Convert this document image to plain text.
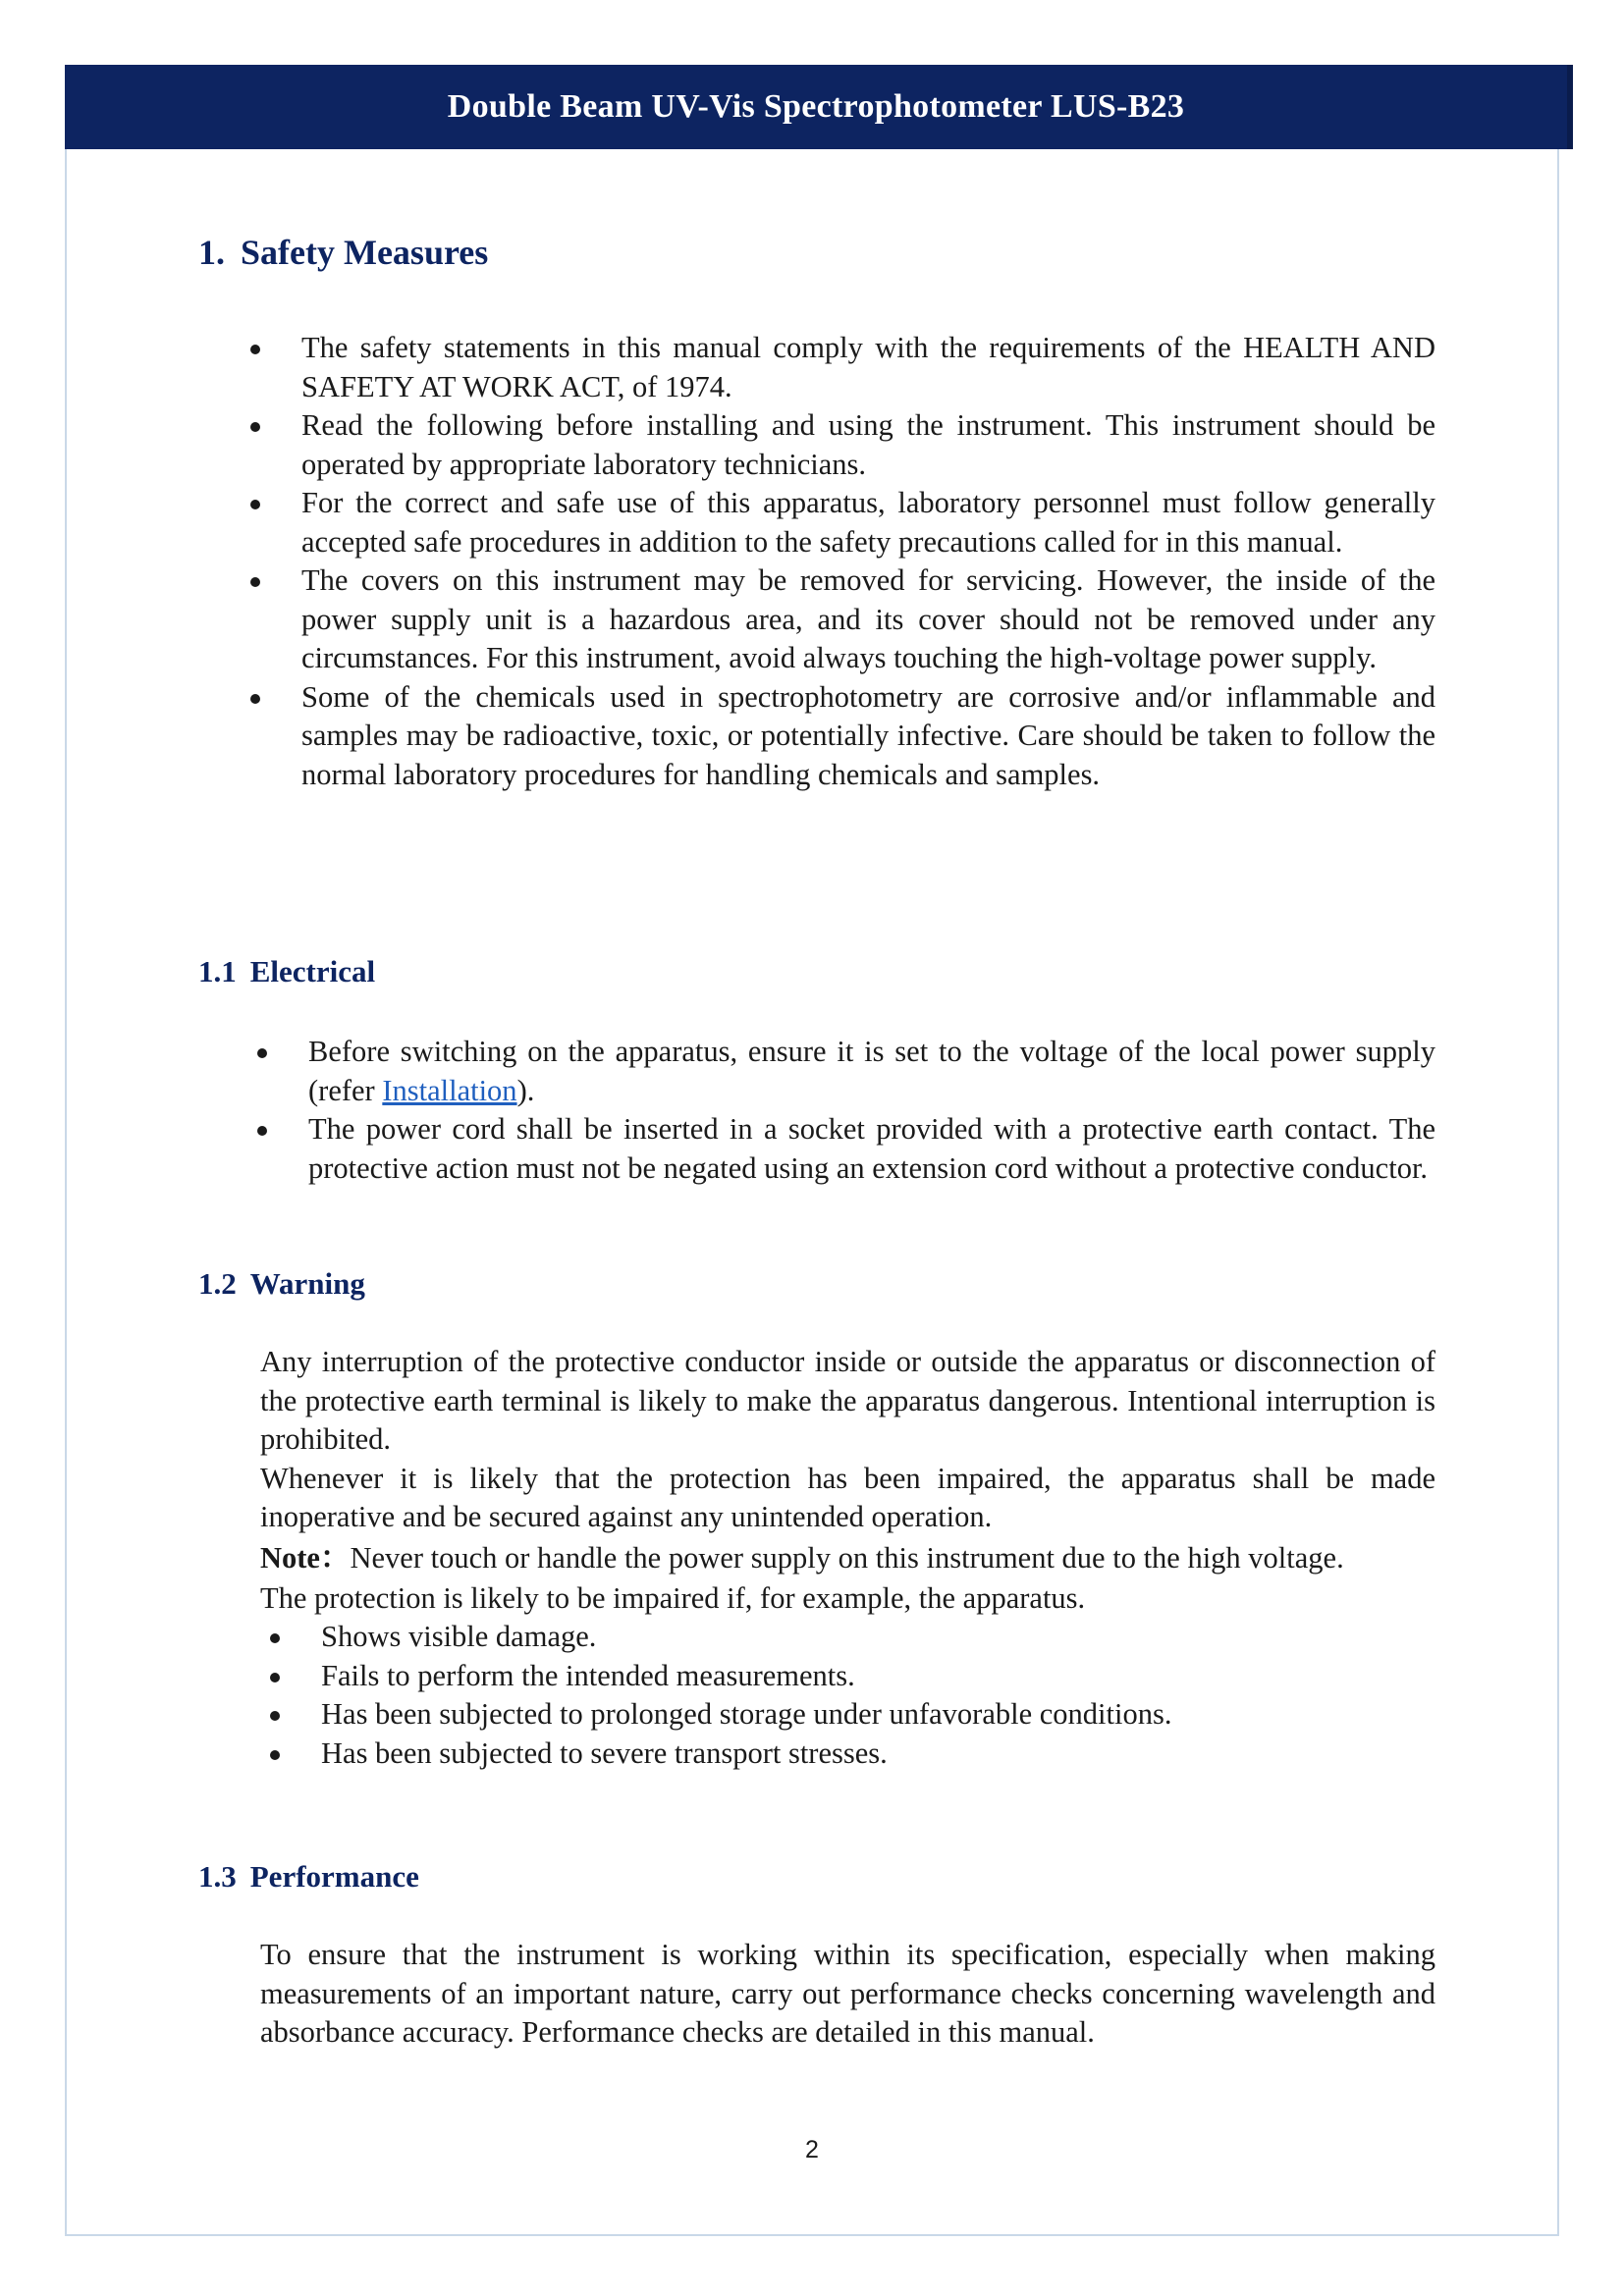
Double Beam UV-Vis Spectrophotometer LUS-B23
1. Safety Measures
The safety statements in this manual comply with the requirements of the HEALTH AND SAFETY AT WORK ACT, of 1974.
Read the following before installing and using the instrument. This instrument should be operated by appropriate laboratory technicians.
For the correct and safe use of this apparatus, laboratory personnel must follow generally accepted safe procedures in addition to the safety precautions called for in this manual.
The covers on this instrument may be removed for servicing. However, the inside of the power supply unit is a hazardous area, and its cover should not be removed under any circumstances. For this instrument, avoid always touching the high-voltage power supply.
Some of the chemicals used in spectrophotometry are corrosive and/or inflammable and samples may be radioactive, toxic, or potentially infective. Care should be taken to follow the normal laboratory procedures for handling chemicals and samples.
1.1 Electrical
Before switching on the apparatus, ensure it is set to the voltage of the local power supply (refer Installation).
The power cord shall be inserted in a socket provided with a protective earth contact. The protective action must not be negated using an extension cord without a protective conductor.
1.2 Warning

Any interruption of the protective conductor inside or outside the apparatus or disconnection of the protective earth terminal is likely to make the apparatus dangerous. Intentional interruption is prohibited.

Whenever it is likely that the protection has been impaired, the apparatus shall be made inoperative and be secured against any unintended operation.

Note：Never touch or handle the power supply on this instrument due to the high voltage.

The protection is likely to be impaired if, for example, the apparatus.

Shows visible damage.
Fails to perform the intended measurements.
Has been subjected to prolonged storage under unfavorable conditions.
Has been subjected to severe transport stresses.
1.3 Performance

To ensure that the instrument is working within its specification, especially when making measurements of an important nature, carry out performance checks concerning wavelength and absorbance accuracy. Performance checks are detailed in this manual.

2
